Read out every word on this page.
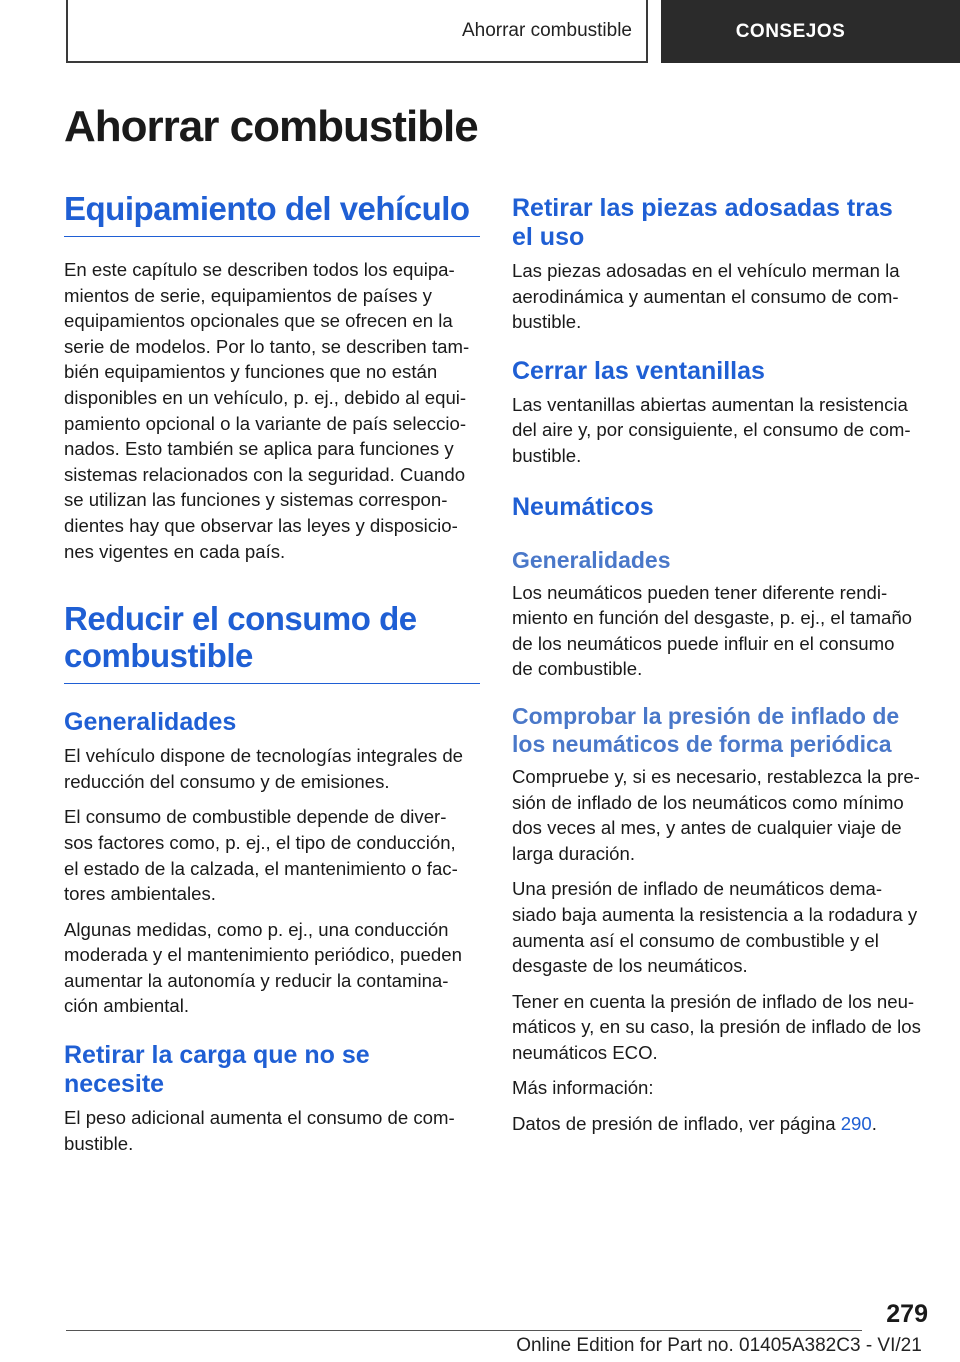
Ahorrar combustible	CONSEJOS
Ahorrar combustible
Equipamiento del vehículo

En este capítulo se describen todos los equipa-
mientos de serie, equipamientos de países y
equipamientos opcionales que se ofrecen en la
serie de modelos. Por lo tanto, se describen tam-
bién equipamientos y funciones que no están
disponibles en un vehículo, p. ej., debido al equi-
pamiento opcional o la variante de país seleccio-
nados. Esto también se aplica para funciones y
sistemas relacionados con la seguridad. Cuando
se utilizan las funciones y sistemas correspon-
dientes hay que observar las leyes y disposicio-
nes vigentes en cada país.

Reducir el consumo de
combustible
Generalidades

El vehículo dispone de tecnologías integrales de
reducción del consumo y de emisiones.

El consumo de combustible depende de diver-
sos factores como, p. ej., el tipo de conducción,
el estado de la calzada, el mantenimiento o fac-
tores ambientales.

Algunas medidas, como p. ej., una conducción
moderada y el mantenimiento periódico, pueden
aumentar la autonomía y reducir la contamina-
ción ambiental.

Retirar la carga que no se
necesite

El peso adicional aumenta el consumo de com-
bustible.

Retirar las piezas adosadas tras
el uso

Las piezas adosadas en el vehículo merman la
aerodinámica y aumentan el consumo de com-
bustible.

Cerrar las ventanillas

Las ventanillas abiertas aumentan la resistencia
del aire y, por consiguiente, el consumo de com-
bustible.

Neumáticos
Generalidades

Los neumáticos pueden tener diferente rendi-
miento en función del desgaste, p. ej., el tamaño
de los neumáticos puede influir en el consumo
de combustible.

Comprobar la presión de inflado de
los neumáticos de forma periódica

Compruebe y, si es necesario, restablezca la pre-
sión de inflado de los neumáticos como mínimo
dos veces al mes, y antes de cualquier viaje de
larga duración.

Una presión de inflado de neumáticos dema-
siado baja aumenta la resistencia a la rodadura y
aumenta así el consumo de combustible y el
desgaste de los neumáticos.

Tener en cuenta la presión de inflado de los neu-
máticos y, en su caso, la presión de inflado de los
neumáticos ECO.

Más información:

Datos de presión de inflado, ver página 290.

279
Online Edition for Part no. 01405A382C3 - VI/21
